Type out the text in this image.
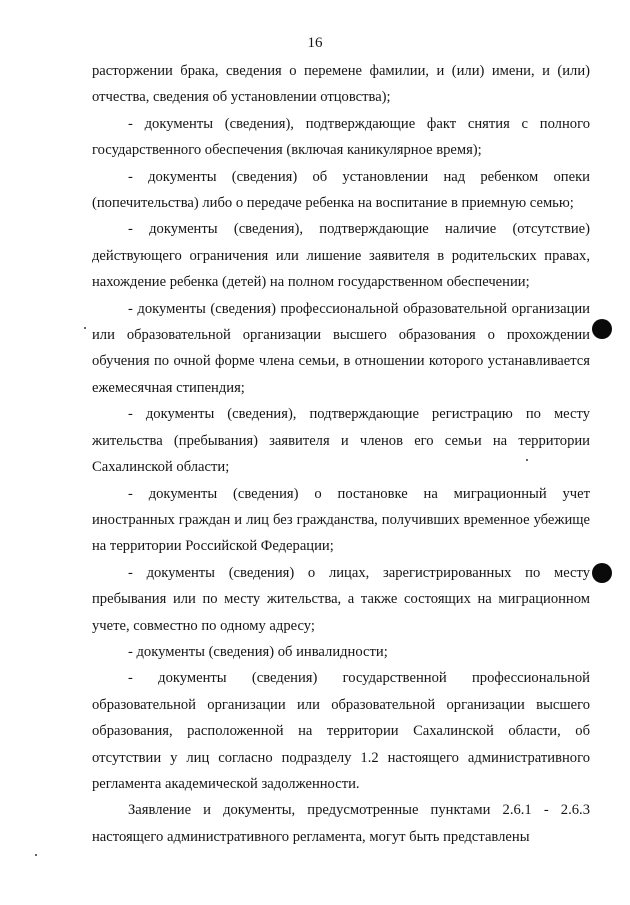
16

расторжении брака, сведения о перемене фамилии, и (или) имени, и (или) отчества, сведения об установлении отцовства);

- документы (сведения), подтверждающие факт снятия с полного государственного обеспечения (включая каникулярное время);

- документы (сведения) об установлении над ребенком опеки (попечительства) либо о передаче ребенка на воспитание в приемную семью;

- документы (сведения), подтверждающие наличие (отсутствие) действующего ограничения или лишение заявителя в родительских правах, нахождение ребенка (детей) на полном государственном обеспечении;

- документы (сведения) профессиональной образовательной организации или образовательной организации высшего образования о прохождении обучения по очной форме члена семьи, в отношении которого устанавливается ежемесячная стипендия;

- документы (сведения), подтверждающие регистрацию по месту жительства (пребывания) заявителя и членов его семьи на территории Сахалинской области;

- документы (сведения) о постановке на миграционный учет иностранных граждан и лиц без гражданства, получивших временное убежище на территории Российской Федерации;

- документы (сведения) о лицах, зарегистрированных по месту пребывания или по месту жительства, а также состоящих на миграционном учете, совместно по одному адресу;

- документы (сведения) об инвалидности;

- документы (сведения) государственной профессиональной образовательной организации или образовательной организации высшего образования, расположенной на территории Сахалинской области, об отсутствии у лиц согласно подразделу 1.2 настоящего административного регламента академической задолженности.

Заявление и документы, предусмотренные пунктами 2.6.1 - 2.6.3 настоящего административного регламента, могут быть представлены
